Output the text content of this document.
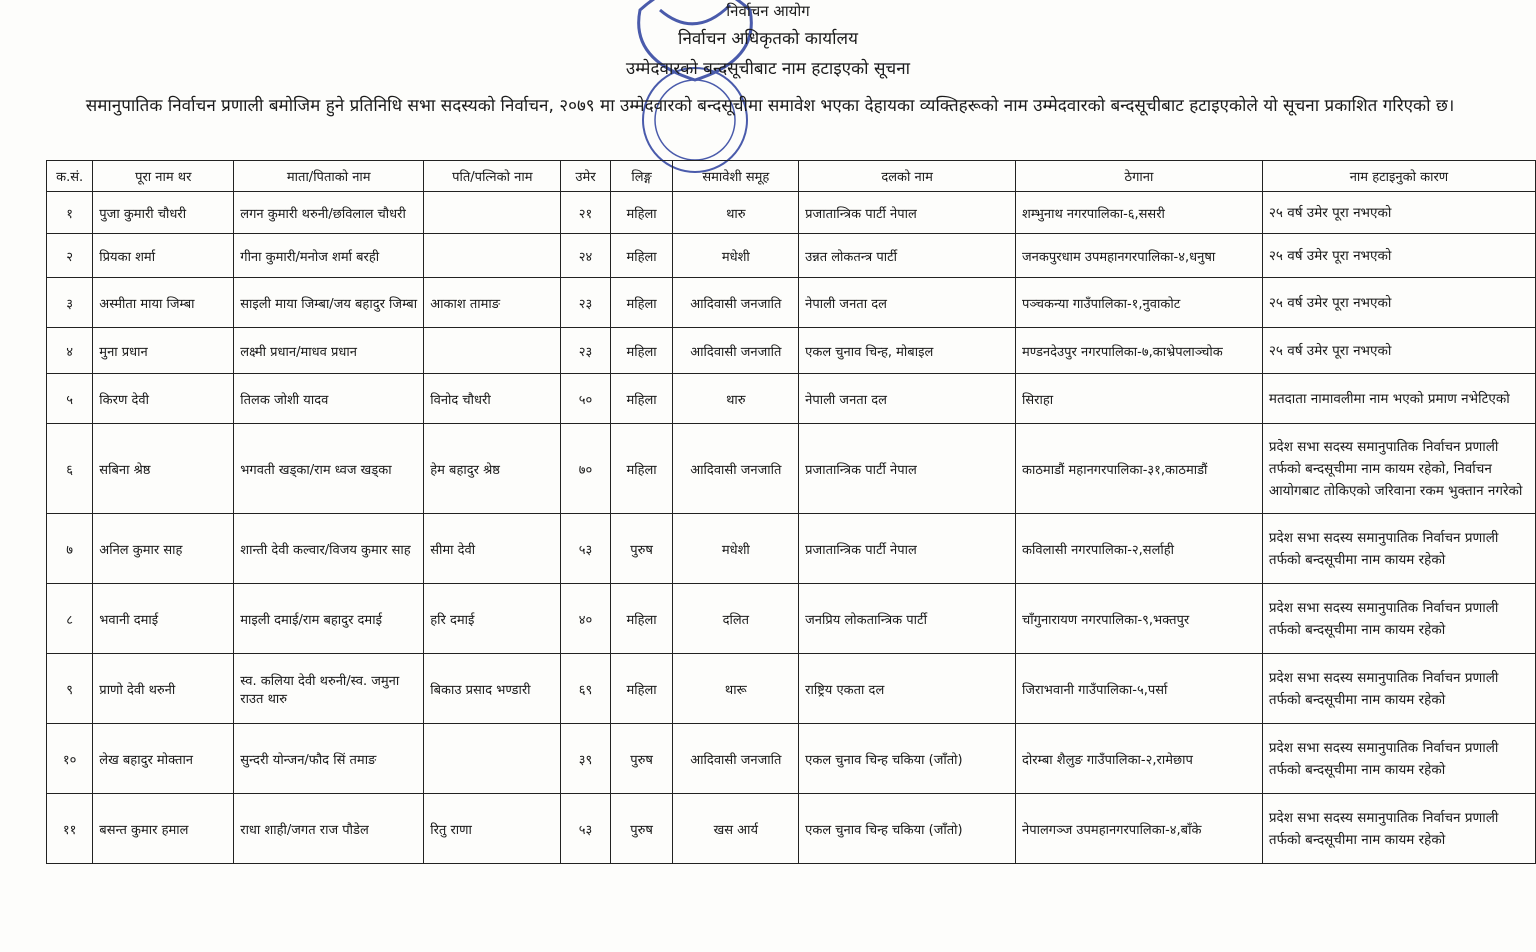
निर्वाचन आयोग
निर्वाचन अधिकृतको कार्यालय
उम्मेदवारको बन्दसूचीबाट नाम हटाइएको सूचना
समानुपातिक निर्वाचन प्रणाली बमोजिम हुने प्रतिनिधि सभा सदस्यको निर्वाचन, २०७९ मा उम्मेदवारको बन्दसूचीमा समावेश भएका देहायका व्यक्तिहरूको नाम उम्मेदवारको बन्दसूचीबाट हटाइएकोले यो सूचना प्रकाशित गरिएको छ।
क.सं.	पूरा नाम थर	माता/पिताको नाम	पति/पत्निको नाम	उमेर	लिङ्ग	समावेशी समूह	दलको नाम	ठेगाना	नाम हटाइनुको कारण
१	पुजा कुमारी चौधरी	लगन कुमारी थरुनी/छविलाल चौधरी		२१	महिला	थारु	प्रजातान्त्रिक पार्टी नेपाल	शम्भुनाथ नगरपालिका-६,ससरी	२५ वर्ष उमेर पूरा नभएको
२	प्रियका शर्मा	गीना कुमारी/मनोज शर्मा बरही		२४	महिला	मधेशी	उन्नत लोकतन्त्र पार्टी	जनकपुरधाम उपमहानगरपालिका-४,धनुषा	२५ वर्ष उमेर पूरा नभएको
३	अस्मीता माया जिम्बा	साइली माया जिम्बा/जय बहादुर जिम्बा	आकाश तामाङ	२३	महिला	आदिवासी जनजाति	नेपाली जनता दल	पञ्चकन्या गाउँपालिका-१,नुवाकोट	२५ वर्ष उमेर पूरा नभएको
४	मुना प्रधान	लक्ष्मी प्रधान/माधव प्रधान		२३	महिला	आदिवासी जनजाति	एकल चुनाव चिन्ह, मोबाइल	मण्डनदेउपुर नगरपालिका-७,काभ्रेपलाञ्चोक	२५ वर्ष उमेर पूरा नभएको
५	किरण देवी	तिलक जोशी यादव	विनोद चौधरी	५०	महिला	थारु	नेपाली जनता दल	सिराहा	मतदाता नामावलीमा नाम भएको प्रमाण नभेटिएको
६	सबिना श्रेष्ठ	भगवती खड्का/राम ध्वज खड्का	हेम बहादुर श्रेष्ठ	७०	महिला	आदिवासी जनजाति	प्रजातान्त्रिक पार्टी नेपाल	काठमाडौं महानगरपालिका-३१,काठमाडौं	प्रदेश सभा सदस्य समानुपातिक निर्वाचन प्रणाली तर्फको बन्दसूचीमा नाम कायम रहेको, निर्वाचन आयोगबाट तोकिएको जरिवाना रकम भुक्तान नगरेको
७	अनिल कुमार साह	शान्ती देवी कल्वार/विजय कुमार साह	सीमा देवी	५३	पुरुष	मधेशी	प्रजातान्त्रिक पार्टी नेपाल	कविलासी नगरपालिका-२,सर्लाही	प्रदेश सभा सदस्य समानुपातिक निर्वाचन प्रणाली तर्फको बन्दसूचीमा नाम कायम रहेको
८	भवानी दमाई	माइली दमाई/राम बहादुर दमाई	हरि दमाई	४०	महिला	दलित	जनप्रिय लोकतान्त्रिक पार्टी	चाँगुनारायण नगरपालिका-९,भक्तपुर	प्रदेश सभा सदस्य समानुपातिक निर्वाचन प्रणाली तर्फको बन्दसूचीमा नाम कायम रहेको
९	प्राणो देवी थरुनी	स्व. कलिया देवी थरुनी/स्व. जमुना राउत थारु	बिकाउ प्रसाद भण्डारी	६९	महिला	थारू	राष्ट्रिय एकता दल	जिराभवानी गाउँपालिका-५,पर्सा	प्रदेश सभा सदस्य समानुपातिक निर्वाचन प्रणाली तर्फको बन्दसूचीमा नाम कायम रहेको
१०	लेख बहादुर मोक्तान	सुन्दरी योन्जन/फौद सिं तमाङ		३९	पुरुष	आदिवासी जनजाति	एकल चुनाव चिन्ह चकिया (जाँतो)	दोरम्बा शैलुङ गाउँपालिका-२,रामेछाप	प्रदेश सभा सदस्य समानुपातिक निर्वाचन प्रणाली तर्फको बन्दसूचीमा नाम कायम रहेको
११	बसन्त कुमार हमाल	राधा शाही/जगत राज पौडेल	रितु राणा	५३	पुरुष	खस आर्य	एकल चुनाव चिन्ह चकिया (जाँतो)	नेपालगञ्ज उपमहानगरपालिका-४,बाँके	प्रदेश सभा सदस्य समानुपातिक निर्वाचन प्रणाली तर्फको बन्दसूचीमा नाम कायम रहेको
